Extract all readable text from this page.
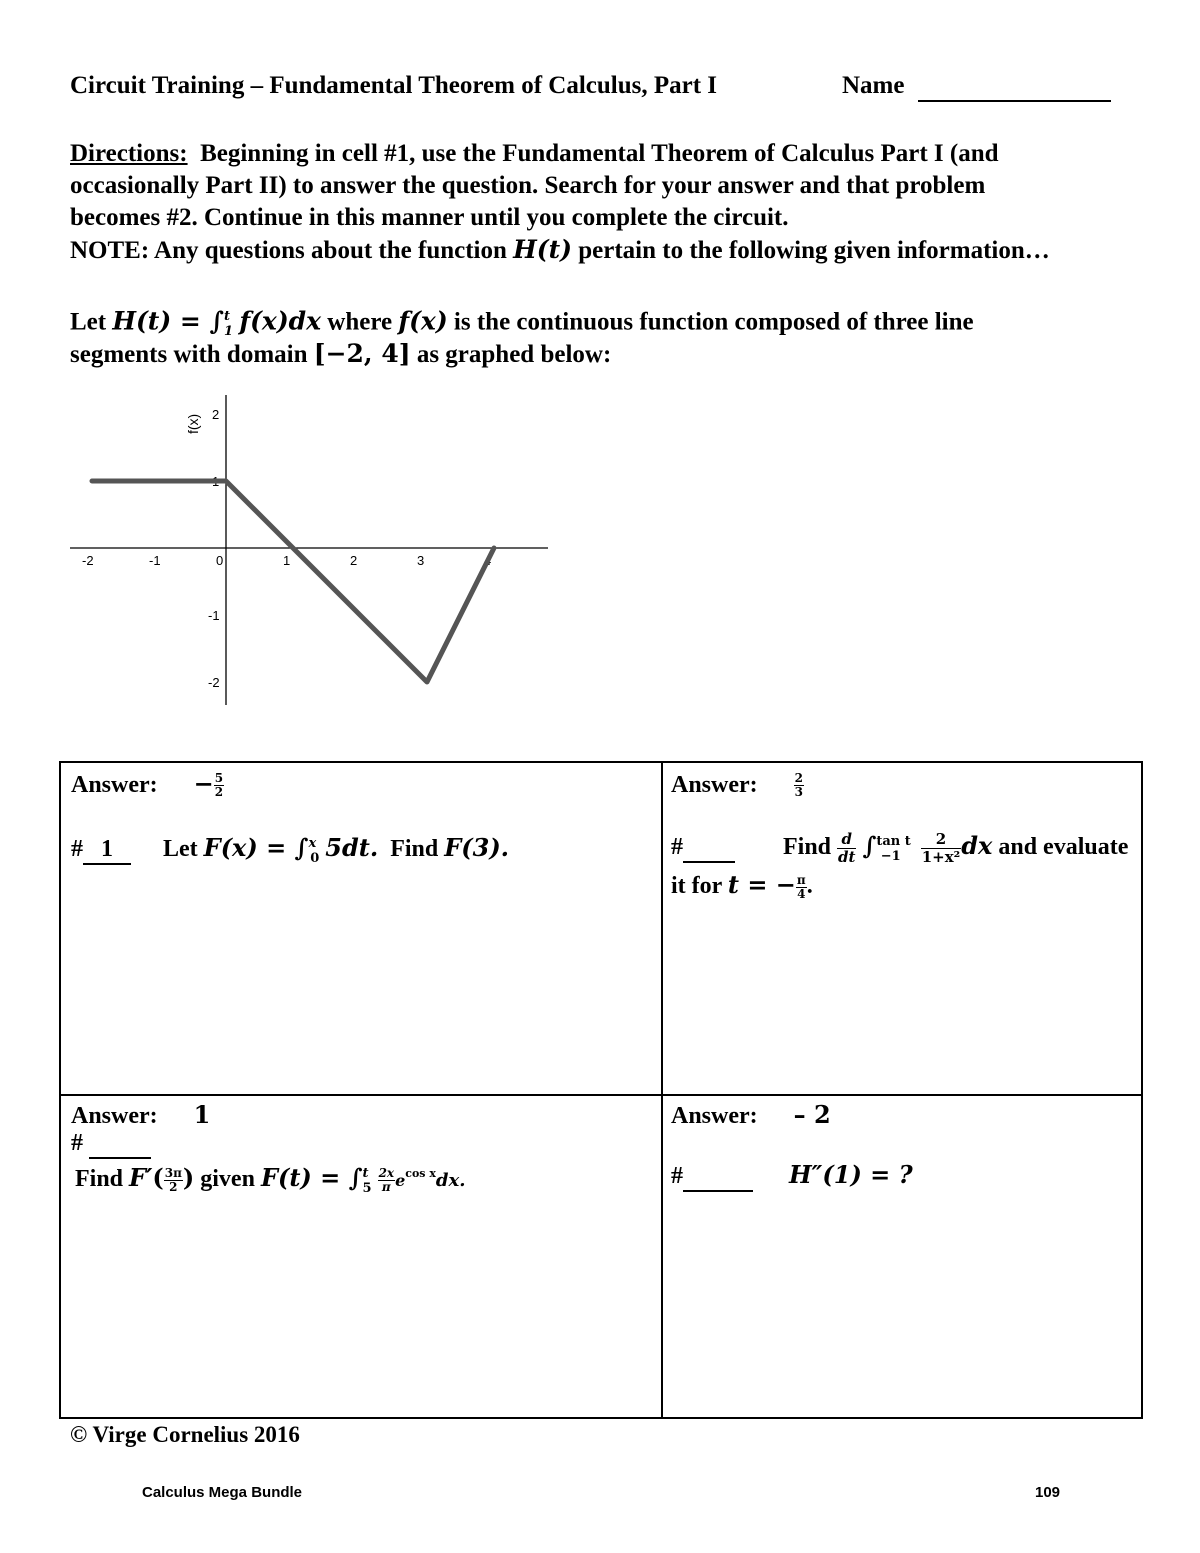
Circuit Training – Fundamental Theorem of Calculus, Part I	Name
Directions: Beginning in cell #1, use the Fundamental Theorem of Calculus Part I (and
occasionally Part II) to answer the question. Search for your answer and that problem
becomes #2. Continue in this manner until you complete the circuit.
NOTE: Any questions about the function H(t) pertain to the following given information…
Let H(t) = ∫$^t_1$ f(x)dx where f(x) is the continuous function composed of three line
segments with domain [−2, 4] as graphed below:
-2	-1	0	1	2	3	4
2
1
-1
-2
f(x)
Answer: − $\frac{5}{2}$
# 1 Let F(x) = ∫$^x_0$ 5dt. Find F(3).
Answer:	$\frac{2}{3}$
#	Find $\frac{d}{dt} \int^{tan t}_{-1} \frac{2}{\text{1+x²}}$ dx and evaluate
it for t = − $\frac{\pi}{4}$ .
Answer: 1
#
Find $F'( \frac{3\pi}{2}$ ) given $F(t) = \int^t_5 \frac{2x}{\pi} e^{cos x}dx$.
Answer: – 2
#	H″(1) = ?
© Virge Cornelius 2016
Calculus Mega Bundle	109
